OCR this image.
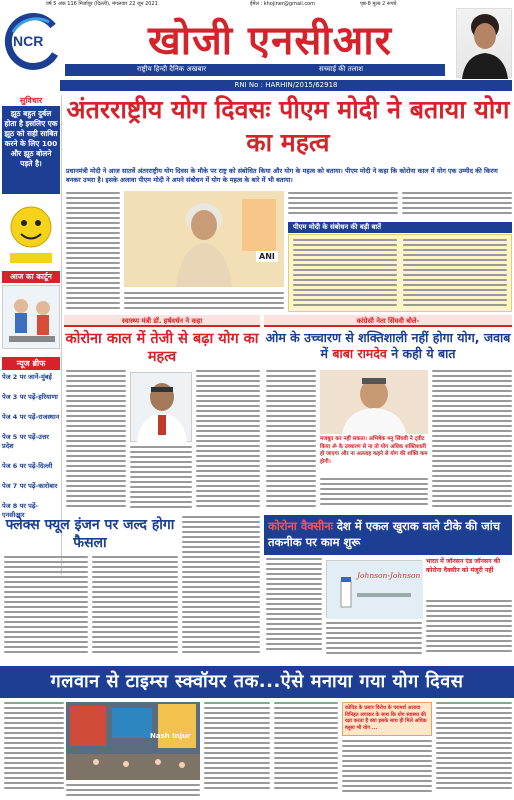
वर्ष 5 अंक 116 मिर्जापुर (दिल्ली), मंगलवार 22 जून 2021	ईमेल : khojiner@gmail.com	पृष्ठ-8 मूल्य 2 रूपये
NCR	खोजी एनसीआर
राष्ट्रीय हिन्दी दैनिक अखबार	सच्चाई की तलाश
RNI No : HARHIN/2015/62918
सुविचार
झूठ बहुत दुर्बल होता है इसलिए एक झूठ को सही साबित करने के लिए 100 और झूठ बोलने पड़ते है।
आज का कार्टून
न्यूज ब्रीफ
पेज 2 पर जानें-मुंबई
पेज 3 पर पढ़ें-हरियाणा
पेज 4 पर पढ़ें-राजस्थान
पेज 5 पर पढ़ें-उत्तर प्रदेश
पेज 6 पर पढ़ें-दिल्ली
पेज 7 पर पढ़ें-कारोबार
पेज 8 पर पढ़ें-एनसीआर
अंतरराष्ट्रीय योग दिवसः पीएम मोदी ने बताया योग का महत्व
प्रधानमंत्री मोदी ने आज सातवें अंतरराष्ट्रीय योग दिवस के मौके पर राष्ट्र को संबोधित किया और योग के महत्व को बताया। पीएम मोदी ने कहा कि कोरोना काल में योग एक उम्मीद की किरण बनकर उभरा है। इसके अलावा पीएम मोदी ने अपने संबोधन में योग के महत्व के बारे में भी बताया।
ANI
पीएम मोदी के संबोधन की बड़ी बातें
स्वास्थ्य मंत्री डॉ. हर्षवर्धन ने कहा
कोरोना काल में तेजी से बढ़ा योग का महत्व
कांग्रेसी नेता सिंघवी बोले-
ओम के उच्चारण से शक्तिशाली नहीं होगा योग, जवाब में बाबा रामदेव ने कही ये बात
मजबूत कर नहीं सकता। अभिषेक मनु सिंघवी ने ट्वीट किया ॐ के उच्चारण से ना तो योग अधिक शक्तिशाली हो जाएगा और ना अल्लाह कहने से योग की शक्ति कम होगी।
फ्लेक्स फ्यूल इंजन पर जल्द होगा फैसला
कोरोना वैक्सीनः देश में एकल खुराक वाले टीके की जांच तकनीक पर काम शुरू
Johnson-Johnson
भारत में जॉनसन एंड जॉनसन की कोरोना वैक्सीन को मंजूरी नहीं
गलवान से टाइम्स स्क्वॉयर तक...ऐसे मनाया गया योग दिवस
Nash Injur
कोविड के प्रसार विरोध के परामर्श अलावा विनिहत लगाकर के साथ कि योग स्वास्थ्य की रक्षा करता है क्या इसके साथ ही मिले अधिक ब्लूसा भी योग ...
